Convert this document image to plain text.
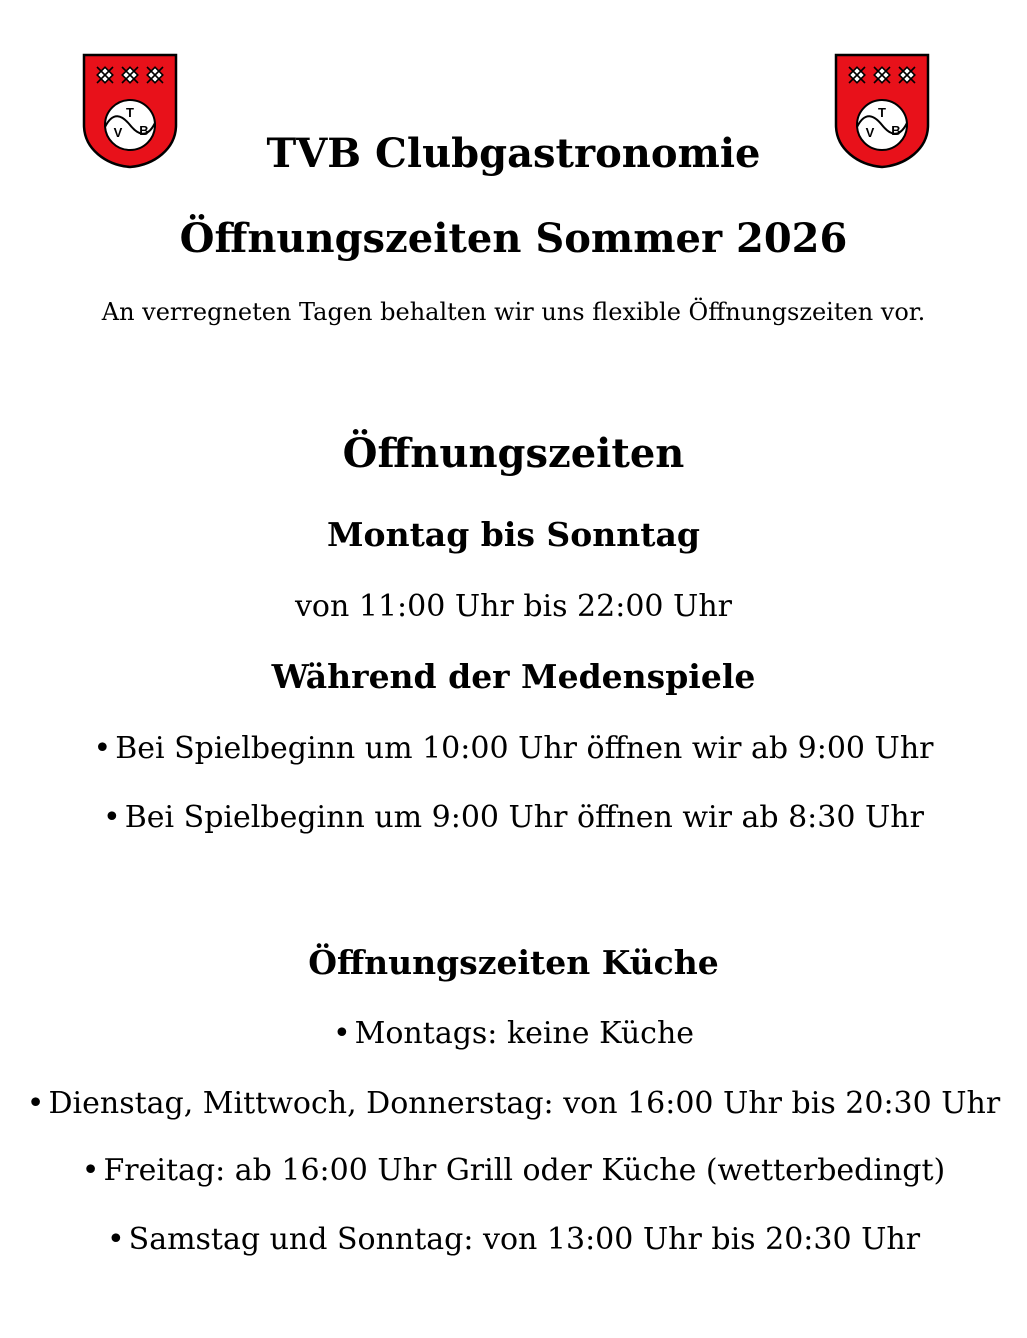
T
V B
T
V B
TVB Clubgastronomie
Öffnungszeiten Sommer 2026
An verregneten Tagen behalten wir uns flexible Öffnungszeiten vor.
Öffnungszeiten
Montag bis Sonntag
von 11:00 Uhr bis 22:00 Uhr
Während der Medenspiele
• Bei Spielbeginn um 10:00 Uhr öffnen wir ab 9:00 Uhr
• Bei Spielbeginn um 9:00 Uhr öffnen wir ab 8:30 Uhr
Öffnungszeiten Küche
• Montags: keine Küche
• Dienstag, Mittwoch, Donnerstag: von 16:00 Uhr bis 20:30 Uhr
• Freitag: ab 16:00 Uhr Grill oder Küche (wetterbedingt)
• Samstag und Sonntag: von 13:00 Uhr bis 20:30 Uhr
